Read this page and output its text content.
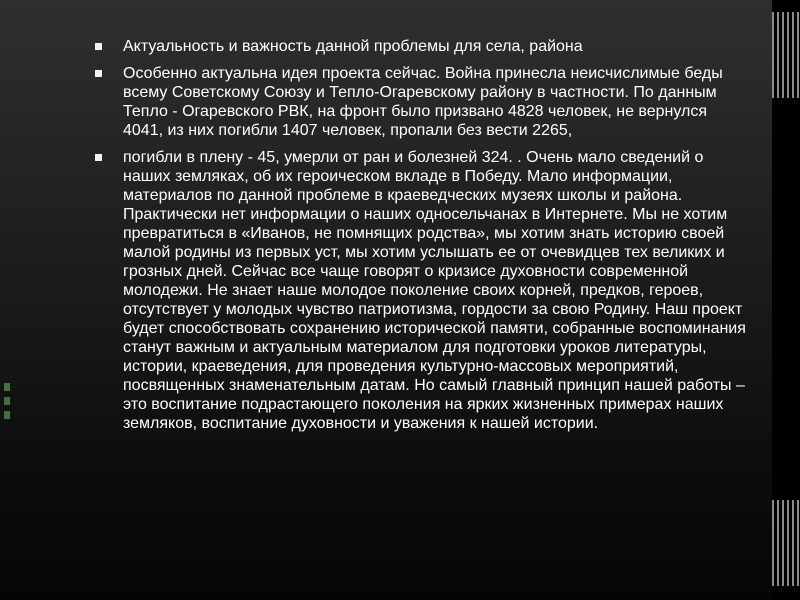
Актуальность и важность данной проблемы для села, района
Особенно актуальна идея проекта сейчас. Война принесла неисчислимые беды всему Советскому Союзу и Тепло-Огаревскому району в частности. По данным Тепло - Огаревского РВК, на фронт было призвано 4828 человек, не вернулся 4041, из них погибли 1407 человек, пропали без вести 2265,
погибли в плену - 45, умерли от ран и болезней 324. . Очень мало сведений о наших земляках, об их героическом вкладе в Победу. Мало информации, материалов по данной проблеме в краеведческих музеях школы и района. Практически нет информации о наших односельчанах в Интернете. Мы не хотим превратиться в «Иванов, не помнящих родства», мы хотим знать историю своей малой родины из первых уст, мы хотим услышать ее от очевидцев тех великих и грозных дней. Сейчас все чаще говорят о кризисе духовности современной молодежи. Не знает наше молодое поколение своих корней, предков, героев, отсутствует у молодых чувство патриотизма, гордости за свою Родину. Наш проект будет способствовать сохранению исторической памяти, собранные воспоминания станут важным и актуальным материалом для подготовки уроков литературы, истории, краеведения, для проведения культурно-массовых мероприятий, посвященных знаменательным датам. Но самый главный принцип нашей работы – это воспитание подрастающего поколения на ярких жизненных примерах наших земляков, воспитание духовности и уважения к нашей истории.
